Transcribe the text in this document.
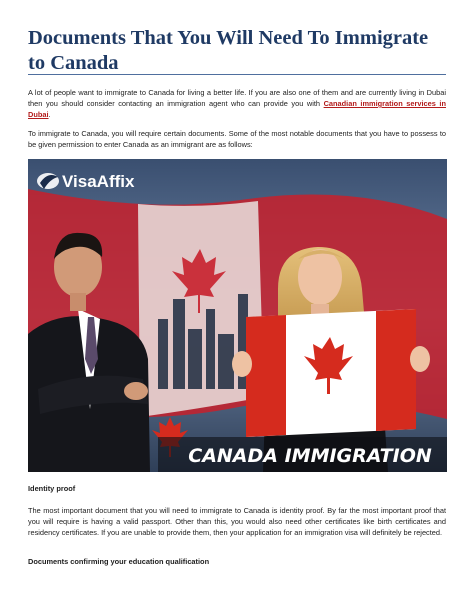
Documents That You Will Need To Immigrate to Canada

A lot of people want to immigrate to Canada for living a better life. If you are also one of them and are currently living in Dubai then you should consider contacting an immigration agent who can provide you with Canadian immigration services in Dubai.

To immigrate to Canada, you will require certain documents. Some of the most notable documents that you have to possess to be given permission to enter Canada as an immigrant are as follows:

VisaAffix
CANADA IMMIGRATION

Identity proof

The most important document that you will need to immigrate to Canada is identity proof. By far the most important proof that you will require is having a valid passport. Other than this, you would also need other certificates like birth certificates and residency certificates. If you are unable to provide them, then your application for an immigration visa will definitely be rejected.

Documents confirming your education qualification
